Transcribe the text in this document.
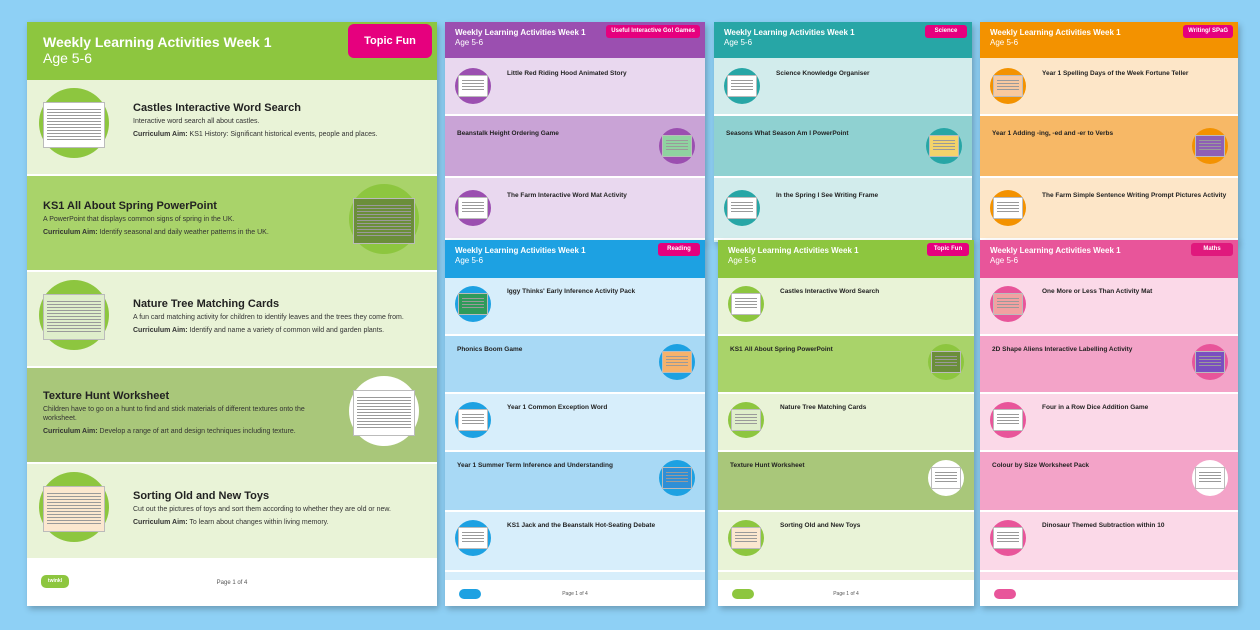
Weekly Learning Activities Week 1
Age 5-6
Topic Fun
Castles Interactive Word Search
Interactive word search all about castles.
Curriculum Aim: KS1 History: Significant historical events, people and places.
KS1 All About Spring PowerPoint
A PowerPoint that displays common signs of spring in the UK.
Curriculum Aim: Identify seasonal and daily weather patterns in the UK.
Nature Tree Matching Cards
A fun card matching activity for children to identify leaves and the trees they come from.
Curriculum Aim: Identify and name a variety of common wild and garden plants.
Texture Hunt Worksheet
Children have to go on a hunt to find and stick materials of different textures onto the worksheet.
Curriculum Aim: Develop a range of art and design techniques including texture.
Sorting Old and New Toys
Cut out the pictures of toys and sort them according to whether they are old or new.
Curriculum Aim: To learn about changes within living memory.
twinkl	Page 1 of 4
Weekly Learning Activities Week 1
Age 5-6
Useful Interactive Go! Games
Little Red Riding Hood Animated Story
Beanstalk Height Ordering Game
The Farm Interactive Word Mat Activity
Weekly Learning Activities Week 1
Age 5-6
Reading
Iggy Thinks' Early Inference Activity Pack
Phonics Boom Game
Year 1 Common Exception Word
Year 1 Summer Term Inference and Understanding
KS1 Jack and the Beanstalk Hot-Seating Debate
Page 1 of 4
Weekly Learning Activities Week 1
Age 5-6
Science
Science Knowledge Organiser
Seasons What Season Am I PowerPoint
In the Spring I See Writing Frame
Weekly Learning Activities Week 1
Age 5-6
Topic Fun
Castles Interactive Word Search
KS1 All About Spring PowerPoint
Nature Tree Matching Cards
Texture Hunt Worksheet
Sorting Old and New Toys
Page 1 of 4
Weekly Learning Activities Week 1
Age 5-6
Writing/ SPaG
Year 1 Spelling Days of the Week Fortune Teller
Year 1 Adding -ing, -ed and -er to Verbs
The Farm Simple Sentence Writing Prompt Pictures Activity
Weekly Learning Activities Week 1
Age 5-6
Maths
One More or Less Than Activity Mat
2D Shape Aliens Interactive Labelling Activity
Four in a Row Dice Addition Game
Colour by Size Worksheet Pack
Dinosaur Themed Subtraction within 10
